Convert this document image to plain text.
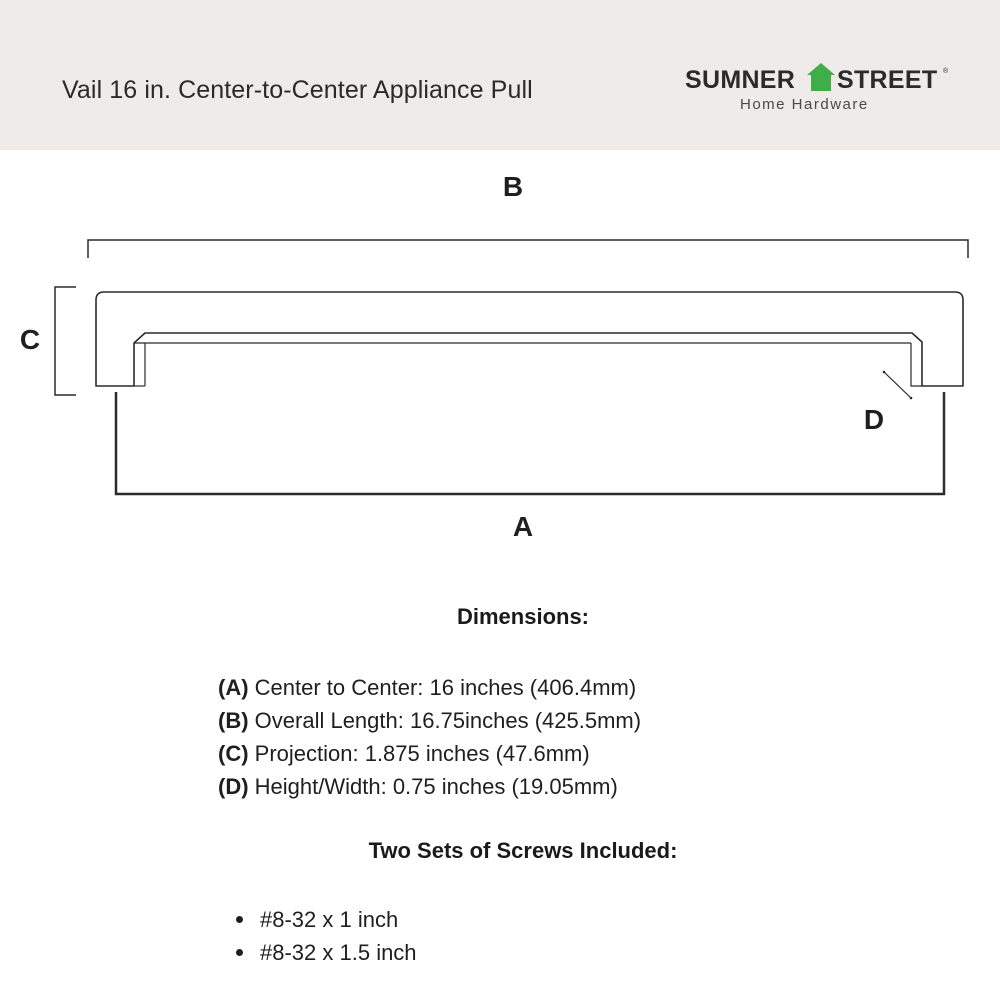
Vail 16 in. Center-to-Center Appliance Pull	SUMNER STREET ®
Home Hardware
B
C
D
A
Dimensions:
(A) Center to Center: 16 inches (406.4mm)
(B) Overall Length: 16.75inches (425.5mm)
(C) Projection: 1.875 inches (47.6mm)
(D) Height/Width: 0.75 inches (19.05mm)
Two Sets of Screws Included:
#8-32 x 1 inch
#8-32 x 1.5 inch
